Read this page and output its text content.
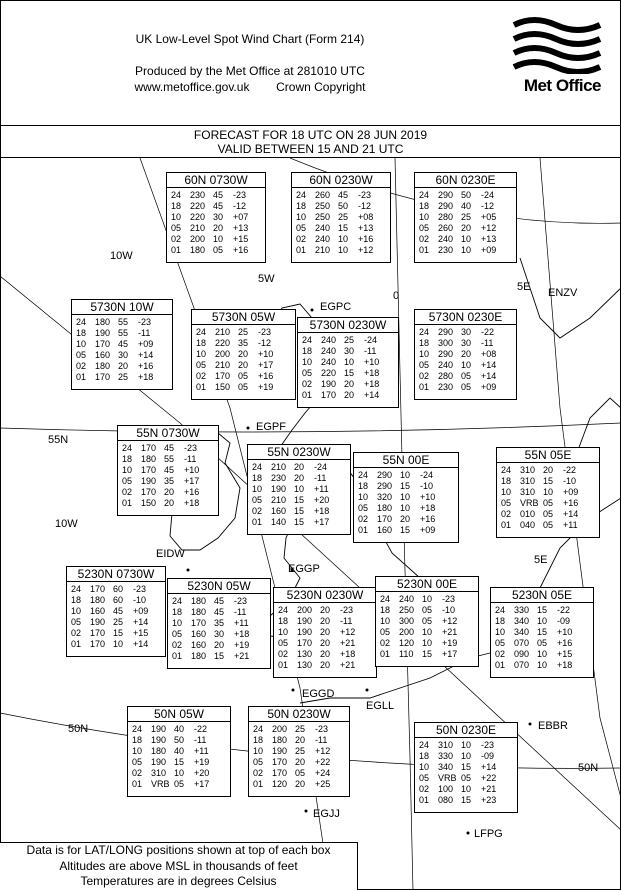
UK Low-Level Spot Wind Chart (Form 214)
Produced by the Met Office at 281010 UTC
www.metoffice.gov.uk Crown Copyright	Met Office
FORECAST FOR 18 UTC ON 28 JUN 2019
VALID BETWEEN 15 AND 21 UTC
10W
5W
0
5E
5E
55N
50N
50N
10W
EGPC
ENZV
EGPF
EIDW
EGGP
EGGD
EGLL
EBBR
EGJJ
LFPG
60N 0730W
24 230 45	-23
18 220 45	-12
10 220 30	+07
05 210 20	+13
02 200 10	+15
01 180 05	+16
60N 0230W
24 260 45	-23
18 250 50	-12
10 250 25	+08
05 240 15	+13
02 240 10	+16
01 210 10	+12
60N 0230E
24 290 50	-24
18 290 40	-12
10 280 25	+05
05 260 20	+12
02 240 10	+13
01 230 10	+09
5730N 10W
24 180 55	-23
18 190 55	-11
10 170 45	+09
05 160 30	+14
02 180 20	+16
01 170 25	+18
5730N 05W
24 210 25	-23
18 220 35	-12
10 200 20	+10
05 210 20	+17
02 170 05	+16
01 150 05	+19
5730N 0230W
24 240 25	-24
18 240 30	-11
10 240 10	+10
05 220 15	+18
02 190 20	+18
01 170 20	+14
5730N 0230E
24 290 30	-22
18 300 30	-11
10 290 20	+08
05 240 10	+14
02 280 05	+14
01 230 05	+09
55N 0730W
24 170 45	-23
18 180 55	-11
10 170 45	+10
05 190 35	+17
02 170 20	+16
01 150 20	+18
55N 0230W
24 210 20	-24
18 230 20	-11
10 190 10	+11
05 210 15	+20
02 160 15	+18
01 140 15	+17
55N 00E
24 290 10	-24
18 290 15	-10
10 320 10	+10
05 180 10	+18
02 170 20	+16
01 160 15	+09
55N 05E
24 310 20	-22
18 310 15	-10
10 310 10	+09
05 VRB 05	+16
02 010 05	+14
01 040 05	+11
5230N 0730W
24 170 60	-23
18 180 60	-10
10 160 45	+09
05 190 25	+14
02 170 15	+15
01 170 10	+14
5230N 05W
24 180 45	-23
18 180 45	-11
10 170 35	+11
05 160 30	+18
02 160 20	+19
01 180 15	+21
5230N 0230W
24 200 20	-23
18 190 20	-11
10 190 20	+12
05 170 20	+21
02 130 20	+18
01 130 20	+21
5230N 00E
24 240 10	-23
18 250 05	-10
10 300 05	+12
05 200 10	+21
02 120 10	+19
01 110 15	+17
5230N 05E
24 330 15	-22
18 340 10	-09
10 340 15	+10
05 070 05	+16
02 090 10	+15
01 070 10	+18
50N 05W
24 190 40	-22
18 190 50	-11
10 180 40	+11
05 190 15	+19
02 310 10	+20
01 VRB 05	+17
50N 0230W
24 200 25	-23
18 180 20	-11
10 190 25	+12
05 170 20	+22
02 170 05	+24
01 120 20	+25
50N 0230E
24 310 10	-23
18 330 10	-09
10 340 15	+14
05 VRB 05	+22
02 100 10	+21
01 080 15	+23
Data is for LAT/LONG positions shown at top of each box
Altitudes are above MSL in thousands of feet
Temperatures are in degrees Celsius
